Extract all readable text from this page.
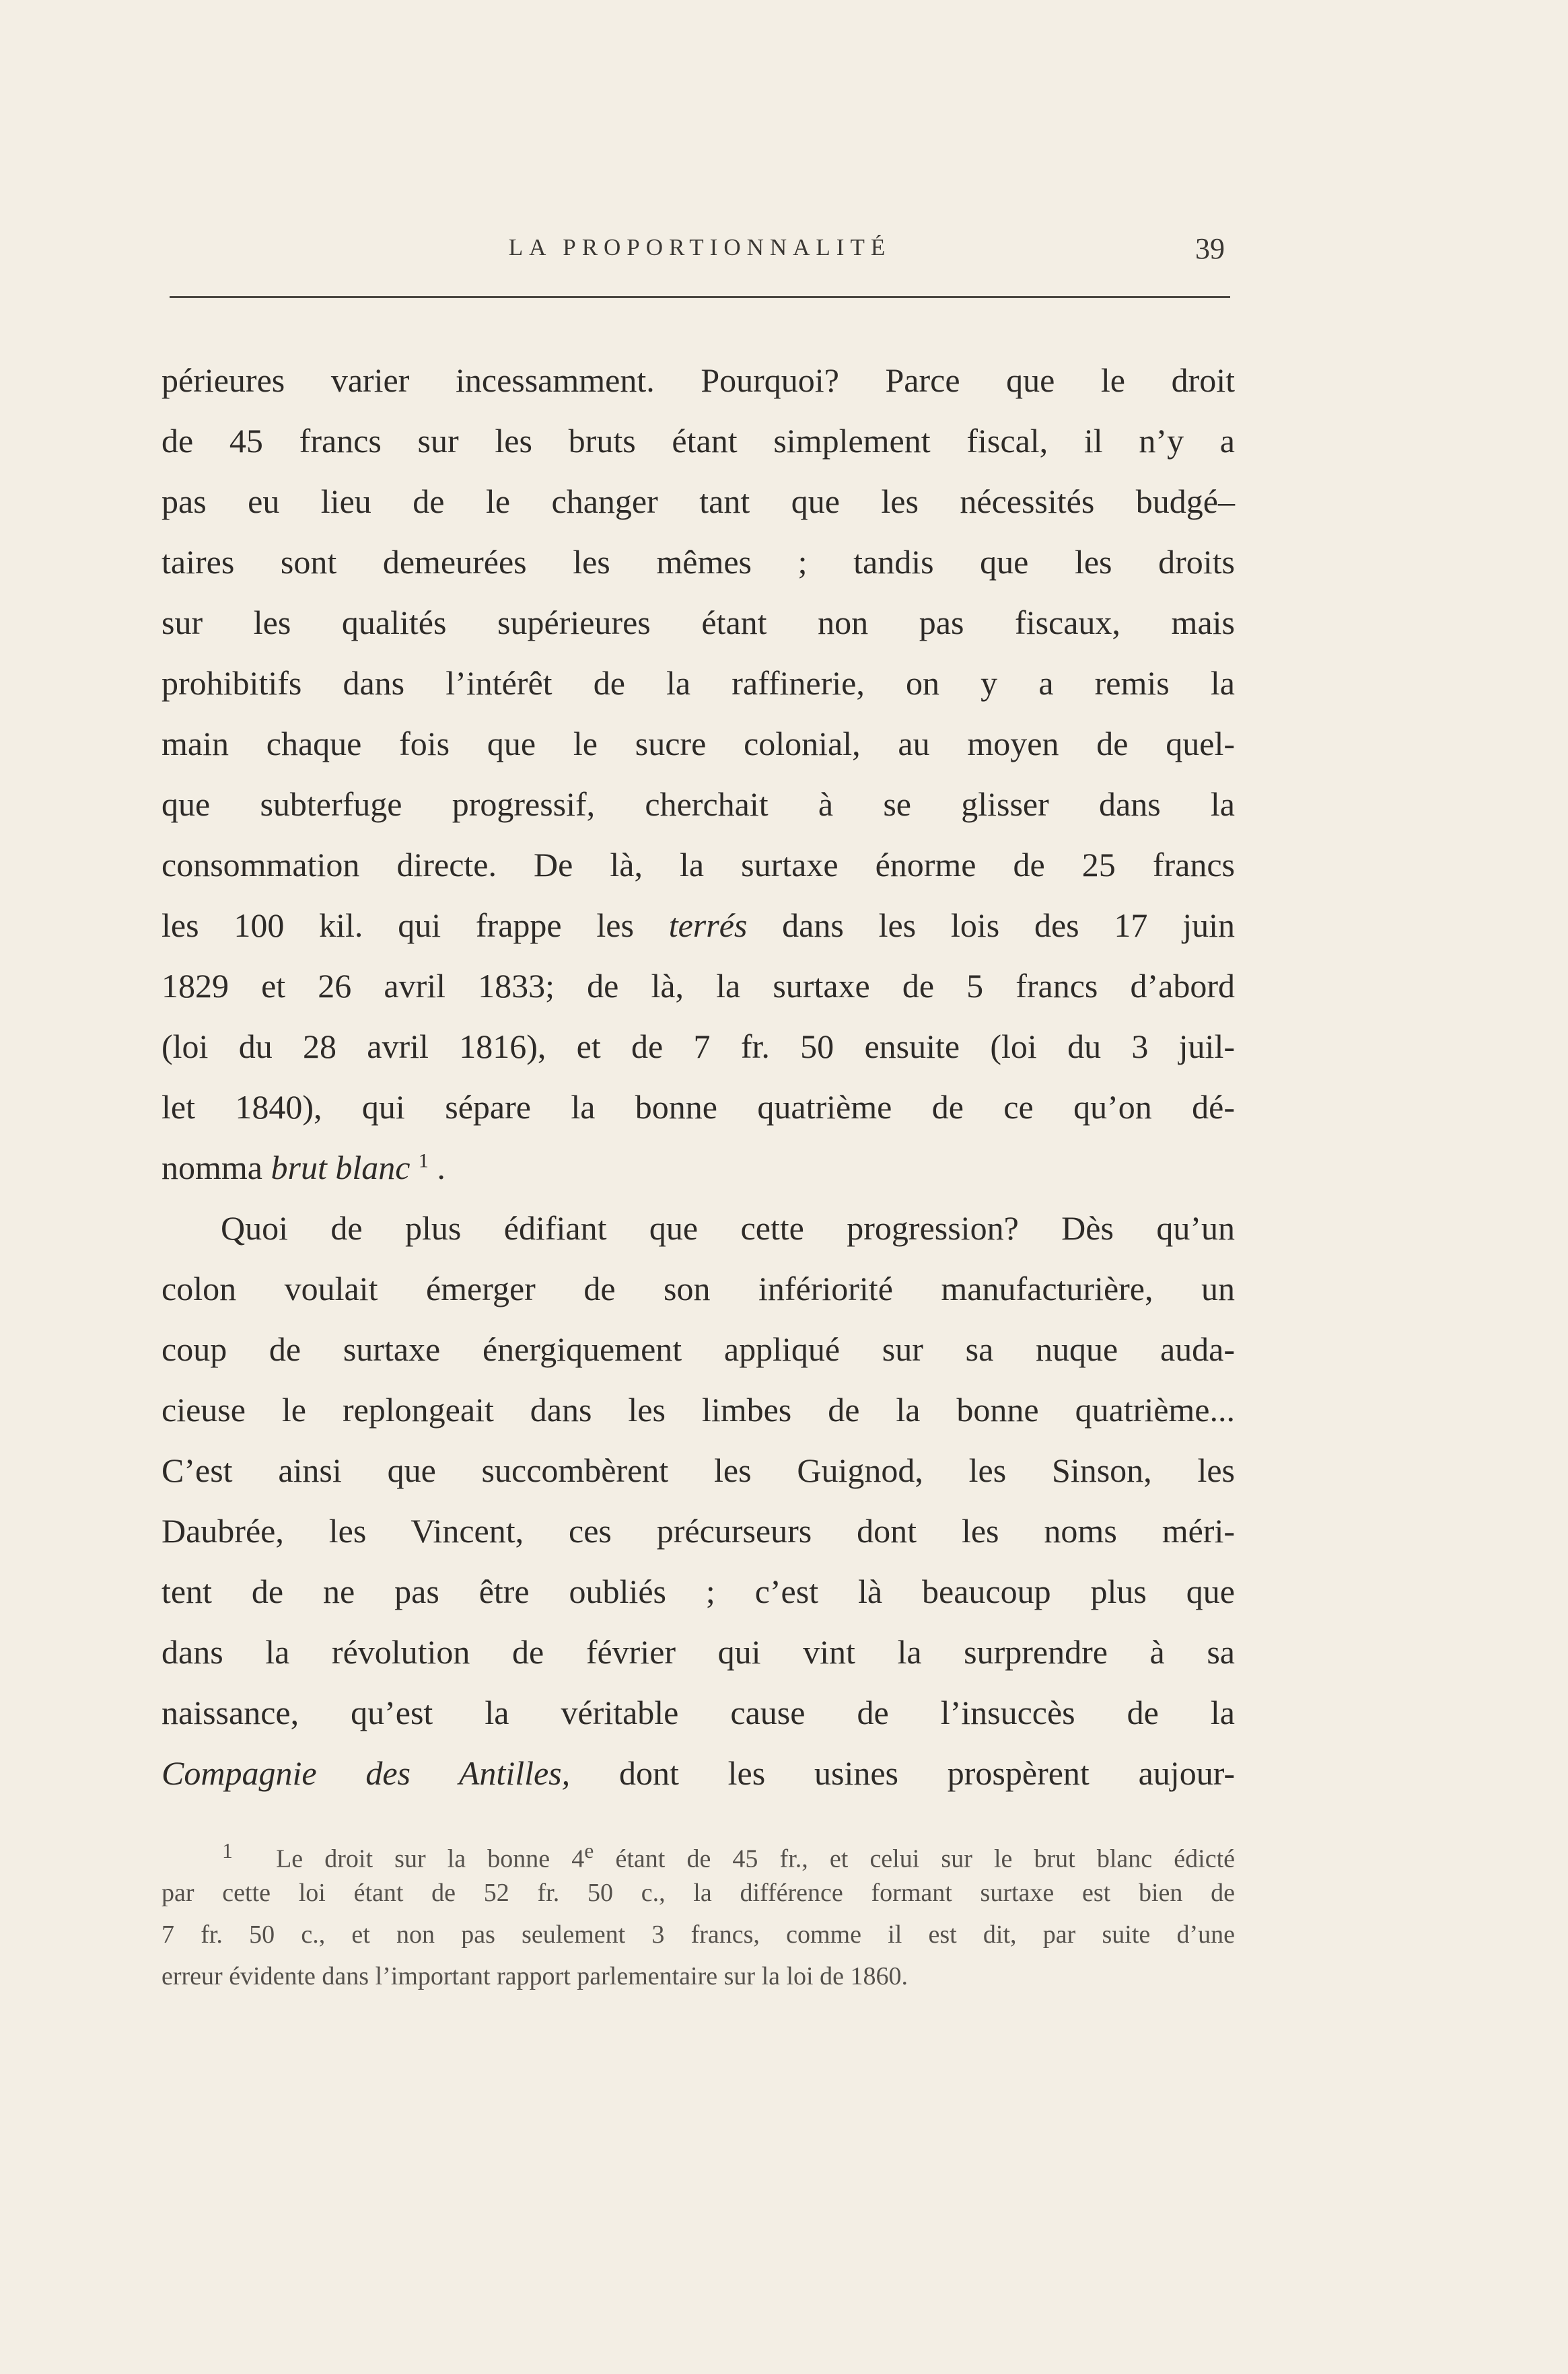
LA PROPORTIONNALITÉ	39
périeures varier incessamment. Pourquoi? Parce que le droit
de 45 francs sur les bruts étant simplement fiscal, il n’y a
pas eu lieu de le changer tant que les nécessités budgé–
taires sont demeurées les mêmes ; tandis que les droits
sur les qualités supérieures étant non pas fiscaux, mais
prohibitifs dans l’intérêt de la raffinerie, on y a remis la
main chaque fois que le sucre colonial, au moyen de quel-
que subterfuge progressif, cherchait à se glisser dans la
consommation directe. De là, la surtaxe énorme de 25 francs
les 100 kil. qui frappe les terrés dans les lois des 17 juin
1829 et 26 avril 1833; de là, la surtaxe de 5 francs d’abord
(loi du 28 avril 1816), et de 7 fr. 50 ensuite (loi du 3 juil-
let 1840), qui sépare la bonne quatrième de ce qu’on dé-
nomma brut blanc $^1$ .
Quoi de plus édifiant que cette progression? Dès qu’un
colon voulait émerger de son infériorité manufacturière, un
coup de surtaxe énergiquement appliqué sur sa nuque auda-
cieuse le replongeait dans les limbes de la bonne quatrième...
C’est ainsi que succombèrent les Guignod, les Sinson, les
Daubrée, les Vincent, ces précurseurs dont les noms méri-
tent de ne pas être oubliés ; c’est là beaucoup plus que
dans la révolution de février qui vint la surprendre à sa
naissance, qu’est la véritable cause de l’insuccès de la
Compagnie des Antilles, dont les usines prospèrent aujour-
$^1$ Le droit sur la bonne 4e étant de 45 fr., et celui sur le brut blanc édicté
par cette loi étant de 52 fr. 50 c., la différence formant surtaxe est bien de
7 fr. 50 c., et non pas seulement 3 francs, comme il est dit, par suite d’une
erreur évidente dans l’important rapport parlementaire sur la loi de 1860.
